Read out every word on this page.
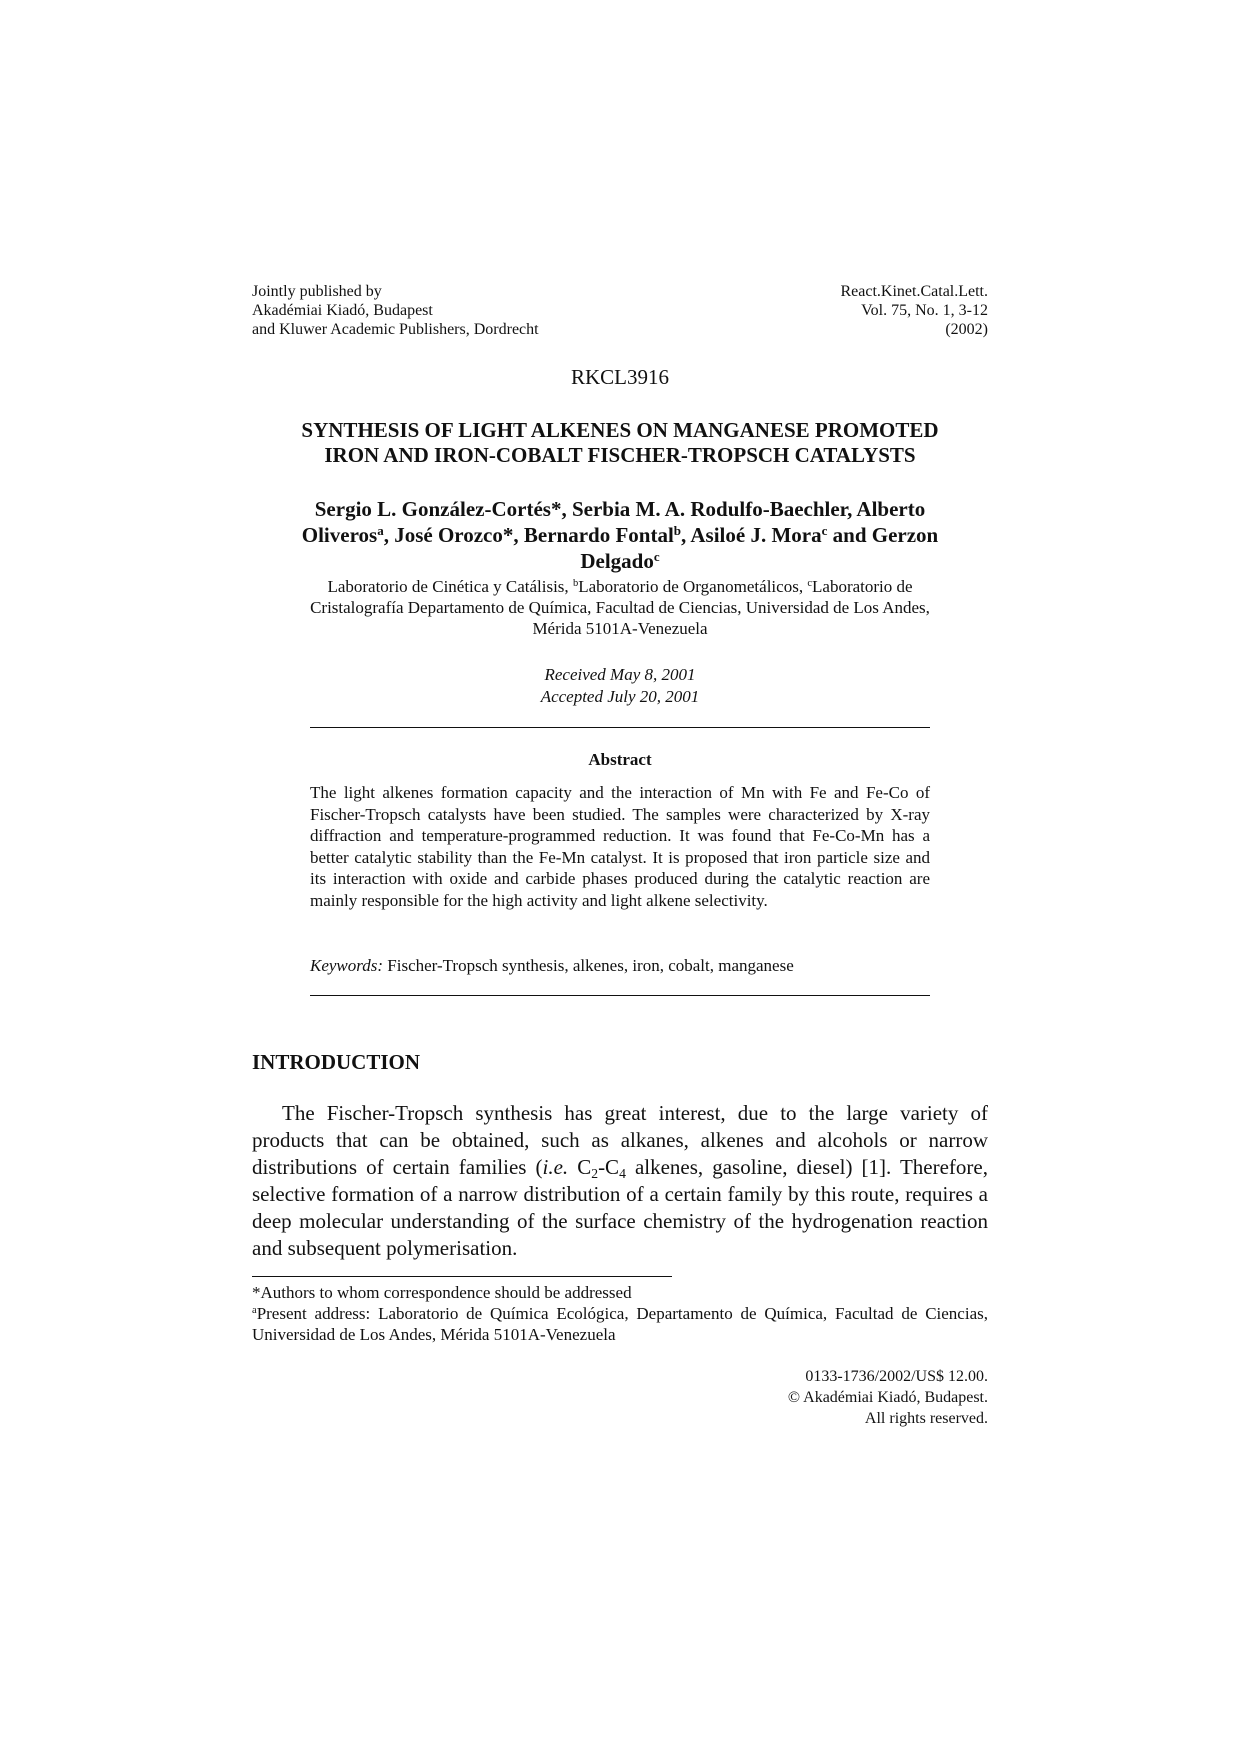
Jointly published by
Akadémiai Kiadó, Budapest
and Kluwer Academic Publishers, Dordrecht
React.Kinet.Catal.Lett.
Vol. 75, No. 1, 3-12
(2002)
RKCL3916
SYNTHESIS OF LIGHT ALKENES ON MANGANESE PROMOTED
IRON AND IRON-COBALT FISCHER-TROPSCH CATALYSTS
Sergio L. González-Cortés*, Serbia M. A. Rodulfo-Baechler, Alberto
Oliveros$^a$, José Orozco*, Bernardo Fontal$^b$, Asiloé J. Mora$^c$ and Gerzon
Delgado$^c$
Laboratorio de Cinética y Catálisis, $^b$Laboratorio de Organometálicos, $^c$Laboratorio de
Cristalografía Departamento de Química, Facultad de Ciencias, Universidad de Los Andes,
Mérida 5101A-Venezuela
Received May 8, 2001
Accepted July 20, 2001
Abstract
The light alkenes formation capacity and the interaction of Mn with Fe and Fe-Co of Fischer-Tropsch catalysts have been studied. The samples were characterized by X-ray diffraction and temperature-programmed reduction. It was found that Fe-Co-Mn has a better catalytic stability than the Fe-Mn catalyst. It is proposed that iron particle size and its interaction with oxide and carbide phases produced during the catalytic reaction are mainly responsible for the high activity and light alkene selectivity.
Keywords: Fischer-Tropsch synthesis, alkenes, iron, cobalt, manganese
INTRODUCTION
The Fischer-Tropsch synthesis has great interest, due to the large variety of products that can be obtained, such as alkanes, alkenes and alcohols or narrow distributions of certain families (i.e. $C_2-C_4$ alkenes, gasoline, diesel) [1]. Therefore, selective formation of a narrow distribution of a certain family by this route, requires a deep molecular understanding of the surface chemistry of the hydrogenation reaction and subsequent polymerisation.
*Authors to whom correspondence should be addressed
$^a$Present address: Laboratorio de Química Ecológica, Departamento de Química, Facultad de Ciencias, Universidad de Los Andes, Mérida 5101A-Venezuela
0133-1736/2002/US$ 12.00.
© Akadémiai Kiadó, Budapest.
All rights reserved.
